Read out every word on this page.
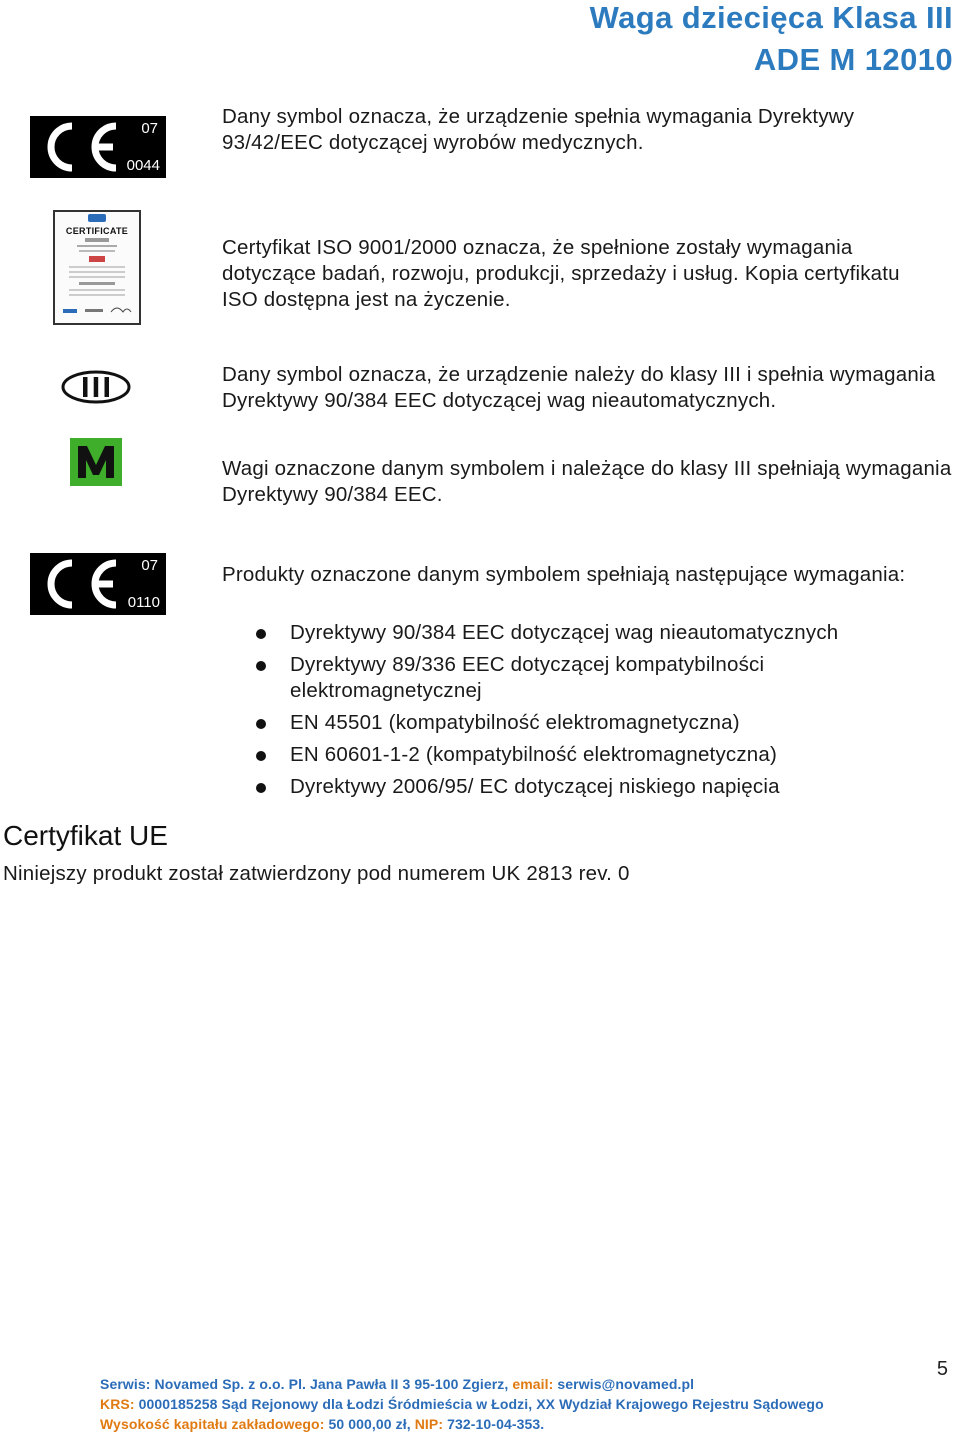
Waga dziecięca Klasa III
ADE M 12010
07
0044
Dany symbol oznacza, że urządzenie spełnia wymagania Dyrektywy 93/42/EEC dotyczącej wyrobów medycznych.
CERTIFICATE
Certyfikat ISO 9001/2000 oznacza, że spełnione zostały wymagania dotyczące badań, rozwoju, produkcji, sprzedaży i usług. Kopia certyfikatu ISO dostępna jest na życzenie.
Dany symbol oznacza, że urządzenie należy do klasy III i spełnia wymagania Dyrektywy 90/384 EEC dotyczącej wag nieautomatycznych.
Wagi oznaczone danym symbolem i należące do klasy III spełniają wymagania Dyrektywy 90/384 EEC.
07
0110
Produkty oznaczone danym symbolem spełniają następujące wymagania:
Dyrektywy 90/384 EEC dotyczącej wag nieautomatycznych
Dyrektywy 89/336 EEC dotyczącej kompatybilności elektromagnetycznej
EN 45501 (kompatybilność elektromagnetyczna)
EN 60601-1-2 (kompatybilność elektromagnetyczna)
Dyrektywy 2006/95/ EC dotyczącej niskiego napięcia
Certyfikat UE
Niniejszy produkt został zatwierdzony pod numerem UK 2813 rev. 0
5
Serwis: Novamed Sp. z o.o. Pl. Jana Pawła II 3 95-100 Zgierz, email: serwis@novamed.pl
KRS: 0000185258 Sąd Rejonowy dla Łodzi Śródmieścia w Łodzi, XX Wydział Krajowego Rejestru Sądowego
Wysokość kapitału zakładowego: 50 000,00 zł, NIP: 732-10-04-353.
